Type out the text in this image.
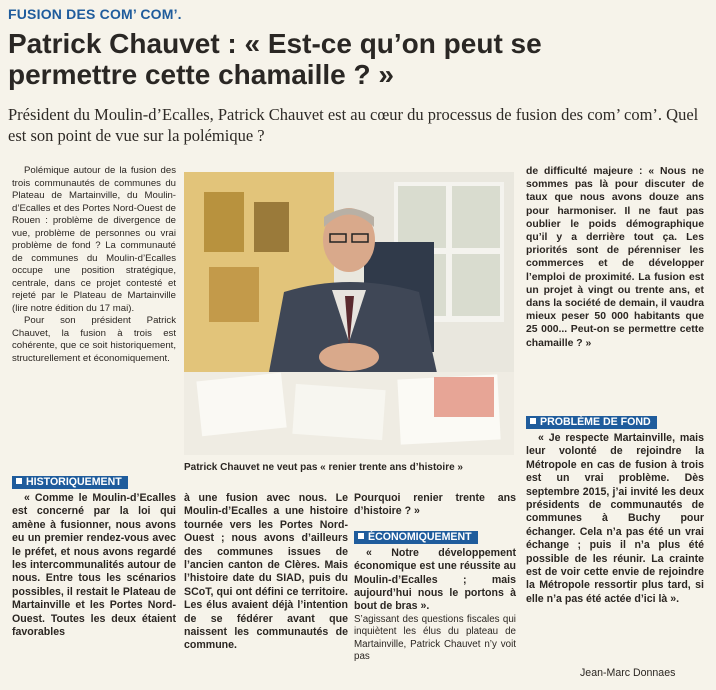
FUSION DES COM’ COM’.
Patrick Chauvet : « Est-ce qu’on peut se permettre cette chamaille ? »

Président du Moulin-d’Ecalles, Patrick Chauvet est au cœur du processus de fusion des com’ com’. Quel est son point de vue sur la polémique ?

Polémique autour de la fusion des trois communautés de communes du Plateau de Martainville, du Moulin-d’Ecalles et des Portes Nord-Ouest de Rouen : problème de divergence de vue, problème de personnes ou vrai problème de fond ? La communauté de communes du Moulin-d’Ecalles occupe une position stratégique, centrale, dans ce projet contesté et rejeté par le Plateau de Martainville (lire notre édition du 17 mai).

Pour son président Patrick Chauvet, la fusion à trois est cohérente, que ce soit historiquement, structurellement et économiquement.

Patrick Chauvet ne veut pas « renier trente ans d’histoire »

de difficulté majeure : « Nous ne sommes pas là pour discuter de taux que nous avons douze ans pour harmoniser. Il ne faut pas oublier le poids démographique qu’il y a derrière tout ça. Les priorités sont de pérenniser les commerces et de développer l’emploi de proximité. La fusion est un projet à vingt ou trente ans, et dans la société de demain, il vaudra mieux peser 50 000 habitants que 25 000... Peut-on se permettre cette chamaille ? »

HISTORIQUEMENT

« Comme le Moulin-d’Ecalles est concerné par la loi qui amène à fusionner, nous avons eu un premier rendez-vous avec le préfet, et nous avons regardé les intercommunalités autour de nous. Entre tous les scénarios possibles, il restait le Plateau de Martainville et les Portes Nord-Ouest. Toutes les deux étaient favorables

à une fusion avec nous. Le Moulin-d’Ecalles a une histoire tournée vers les Portes Nord-Ouest ; nous avons d’ailleurs des communes issues de l’ancien canton de Clères. Mais l’histoire date du SIAD, puis du SCoT, qui ont défini ce territoire. Les élus avaient déjà l’intention de se fédérer avant que naissent les communautés de commune.

Pourquoi renier trente ans d’histoire ? »

ÉCONOMIQUEMENT

« Notre développement économique est une réussite au Moulin-d’Ecalles ; mais aujourd’hui nous le portons à bout de bras ».

S’agissant des questions fiscales qui inquiètent les élus du plateau de Martainville, Patrick Chauvet n’y voit pas

PROBLÈME DE FOND

« Je respecte Martainville, mais leur volonté de rejoindre la Métropole en cas de fusion à trois est un vrai problème. Dès septembre 2015, j’ai invité les deux présidents de communautés de communes à Buchy pour échanger. Cela n’a pas été un vrai échange ; puis il n’a plus été possible de les réunir. La crainte est de voir cette envie de rejoindre la Métropole ressortir plus tard, si elle n’a pas été actée d’ici là ».

Jean-Marc Donnaes
